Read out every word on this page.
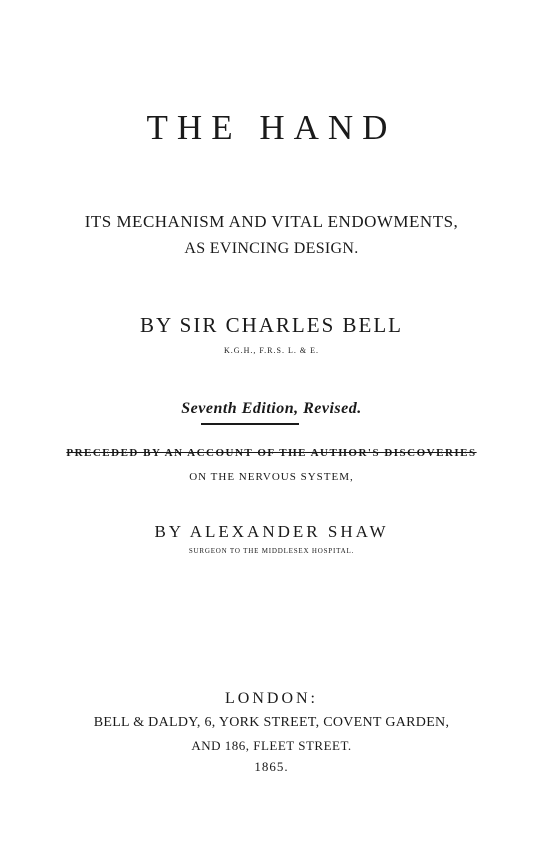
THE HAND
ITS MECHANISM AND VITAL ENDOWMENTS,
AS EVINCING DESIGN.
BY SIR CHARLES BELL
K.G.H., F.R.S. L. & E.
Seventh Edition, Revised.
PRECEDED BY AN ACCOUNT OF THE AUTHOR'S DISCOVERIES
ON THE NERVOUS SYSTEM,
BY ALEXANDER SHAW
SURGEON TO THE MIDDLESEX HOSPITAL.
LONDON:
BELL & DALDY, 6, YORK STREET, COVENT GARDEN,
AND 186, FLEET STREET.
1865.
